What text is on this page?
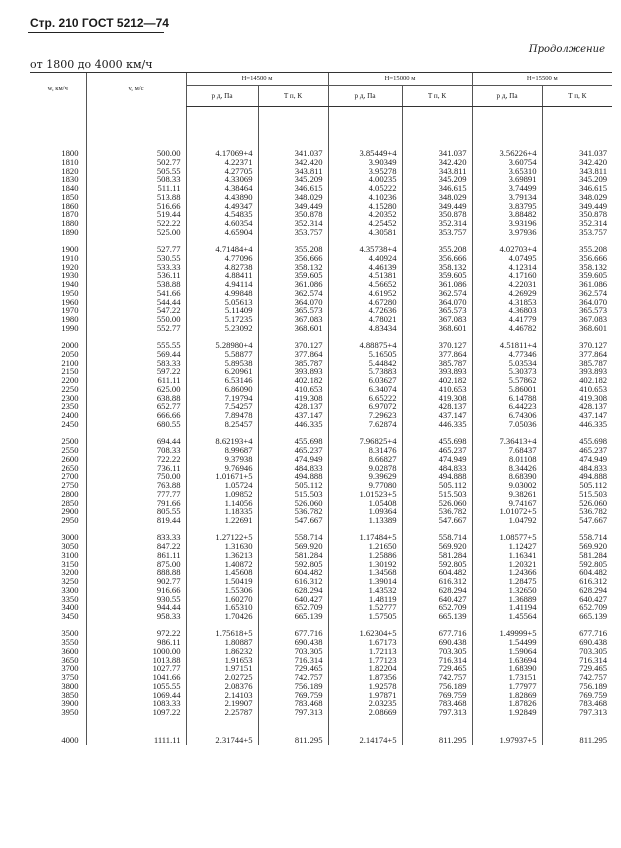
Стр. 210 ГОСТ 5212—74
Продолжение
от 1800 до 4000 км/ч
w, км/ч	v, м/с	H=14500 м		H=15000 м		H=15500 м	
		p д, Па	T п, К	p д, Па	T п, К	p д, Па	T п, К

1800	500.00	4.17069+4	341.037	3.85449+4	341.037	3.56226+4	341.037
1810	502.77	4.22371	342.420	3.90349	342.420	3.60754	342.420
1820	505.55	4.27705	343.811	3.95278	343.811	3.65310	343.811
1830	508.33	4.33069	345.209	4.00235	345.209	3.69891	345.209
1840	511.11	4.38464	346.615	4.05222	346.615	3.74499	346.615
1850	513.88	4.43890	348.029	4.10236	348.029	3.79134	348.029
1860	516.66	4.49347	349.449	4.15280	349.449	3.83795	349.449
1870	519.44	4.54835	350.878	4.20352	350.878	3.88482	350.878
1880	522.22	4.60354	352.314	4.25452	352.314	3.93196	352.314
1890	525.00	4.65904	353.757	4.30581	353.757	3.97936	353.757

1900	527.77	4.71484+4	355.208	4.35738+4	355.208	4.02703+4	355.208
1910	530.55	4.77096	356.666	4.40924	356.666	4.07495	356.666
1920	533.33	4.82738	358.132	4.46139	358.132	4.12314	358.132
1930	536.11	4.88411	359.605	4.51381	359.605	4.17160	359.605
1940	538.88	4.94114	361.086	4.56652	361.086	4.22031	361.086
1950	541.66	4.99848	362.574	4.61952	362.574	4.26929	362.574
1960	544.44	5.05613	364.070	4.67280	364.070	4.31853	364.070
1970	547.22	5.11409	365.573	4.72636	365.573	4.36803	365.573
1980	550.00	5.17235	367.083	4.78021	367.083	4.41779	367.083
1990	552.77	5.23092	368.601	4.83434	368.601	4.46782	368.601

2000	555.55	5.28980+4	370.127	4.88875+4	370.127	4.51811+4	370.127
2050	569.44	5.58877	377.864	5.16505	377.864	4.77346	377.864
2100	583.33	5.89538	385.787	5.44842	385.787	5.03534	385.787
2150	597.22	6.20961	393.893	5.73883	393.893	5.30373	393.893
2200	611.11	6.53146	402.182	6.03627	402.182	5.57862	402.182
2250	625.00	6.86090	410.653	6.34074	410.653	5.86001	410.653
2300	638.88	7.19794	419.308	6.65222	419.308	6.14788	419.308
2350	652.77	7.54257	428.137	6.97072	428.137	6.44223	428.137
2400	666.66	7.89478	437.147	7.29623	437.147	6.74306	437.147
2450	680.55	8.25457	446.335	7.62874	446.335	7.05036	446.335

2500	694.44	8.62193+4	455.698	7.96825+4	455.698	7.36413+4	455.698
2550	708.33	8.99687	465.237	8.31476	465.237	7.68437	465.237
2600	722.22	9.37938	474.949	8.66827	474.949	8.01108	474.949
2650	736.11	9.76946	484.833	9.02878	484.833	8.34426	484.833
2700	750.00	1.01671+5	494.888	9.39629	494.888	8.68390	494.888
2750	763.88	1.05724	505.112	9.77080	505.112	9.03002	505.112
2800	777.77	1.09852	515.503	1.01523+5	515.503	9.38261	515.503
2850	791.66	1.14056	526.060	1.05408	526.060	9.74167	526.060
2900	805.55	1.18335	536.782	1.09364	536.782	1.01072+5	536.782
2950	819.44	1.22691	547.667	1.13389	547.667	1.04792	547.667

3000	833.33	1.27122+5	558.714	1.17484+5	558.714	1.08577+5	558.714
3050	847.22	1.31630	569.920	1.21650	569.920	1.12427	569.920
3100	861.11	1.36213	581.284	1.25886	581.284	1.16341	581.284
3150	875.00	1.40872	592.805	1.30192	592.805	1.20321	592.805
3200	888.88	1.45608	604.482	1.34568	604.482	1.24366	604.482
3250	902.77	1.50419	616.312	1.39014	616.312	1.28475	616.312
3300	916.66	1.55306	628.294	1.43532	628.294	1.32650	628.294
3350	930.55	1.60270	640.427	1.48119	640.427	1.36889	640.427
3400	944.44	1.65310	652.709	1.52777	652.709	1.41194	652.709
3450	958.33	1.70426	665.139	1.57505	665.139	1.45564	665.139

3500	972.22	1.75618+5	677.716	1.62304+5	677.716	1.49999+5	677.716
3550	986.11	1.80887	690.438	1.67173	690.438	1.54499	690.438
3600	1000.00	1.86232	703.305	1.72113	703.305	1.59064	703.305
3650	1013.88	1.91653	716.314	1.77123	716.314	1.63694	716.314
3700	1027.77	1.97151	729.465	1.82204	729.465	1.68390	729.465
3750	1041.66	2.02725	742.757	1.87356	742.757	1.73151	742.757
3800	1055.55	2.08376	756.189	1.92578	756.189	1.77977	756.189
3850	1069.44	2.14103	769.759	1.97871	769.759	1.82869	769.759
3900	1083.33	2.19907	783.468	2.03235	783.468	1.87826	783.468
3950	1097.22	2.25787	797.313	2.08669	797.313	1.92849	797.313
4000	1111.11	2.31744+5	811.295	2.14174+5	811.295	1.97937+5	811.295
